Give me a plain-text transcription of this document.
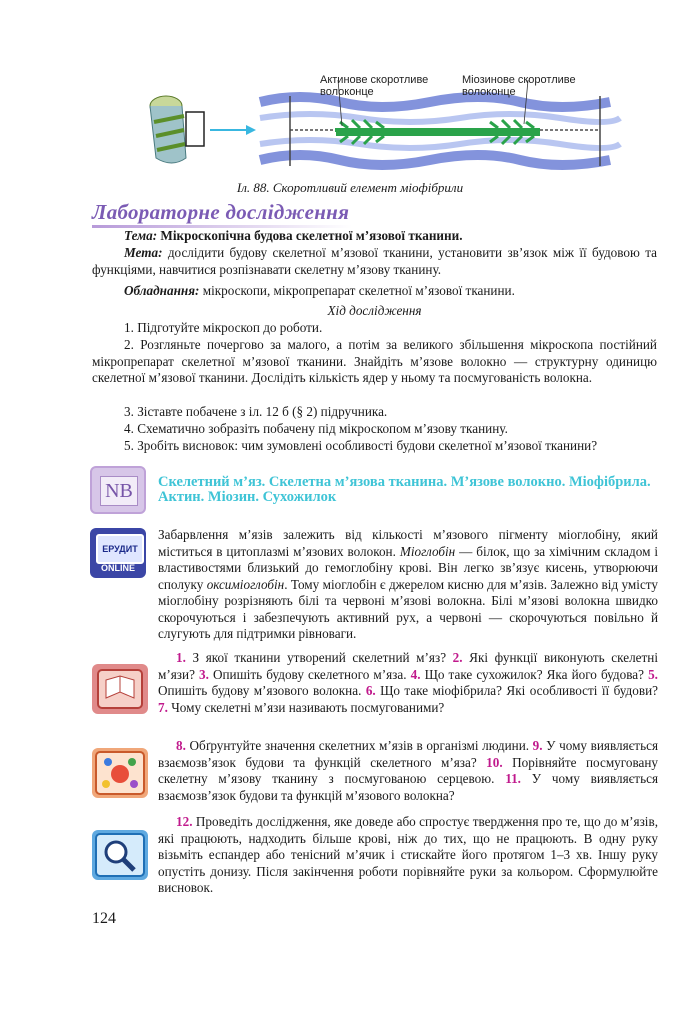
Актинове скоротливе
волоконце
Міозинове скоротливе
волоконце
Іл. 88. Скоротливий елемент міофібрили
Лабораторне дослідження
Тема: Мікроскопічна будова скелетної м’язової тканини.
Мета: дослідити будову скелетної м’язової тканини, установити зв’язок між її будовою та функціями, навчитися розпізнавати скелетну м’язову тканину.
Обладнання: мікроскопи, мікропрепарат скелетної м’язової тканини.
Хід дослідження
1. Підготуйте мікроскоп до роботи.
2. Розгляньте почергово за малого, а потім за великого збільшення мікроскопа постійний мікропрепарат скелетної м’язової тканини. Знайдіть м’язове волокно — структурну одиницю скелетної м’язової тканини. Дослідіть кількість ядер у ньому та посмугованість волокна.
3. Зіставте побачене з іл. 12 б (§ 2) підручника.
4. Схематично зобразіть побачену під мікроскопом м’язову тканину.
5. Зробіть висновок: чим зумовлені особливості будови скелетної м’язової тканини?
NB	Скелетний м’яз. Скелетна м’язова тканина. М’язове волокно. Міофібрила. Актин. Міозин. Сухожилок
ЕРУДИТ
ONLINE
Забарвлення м’язів залежить від кількості м’язового пігменту міоглобіну, який міститься в цитоплазмі м’язових волокон. Міоглобін — білок, що за хімічним складом і властивостями близький до гемоглобіну крові. Він легко зв’язує кисень, утворюючи сполуку оксиміоглобін. Тому міоглобін є джерелом кисню для м’язів. Залежно від умісту міоглобіну розрізняють білі та червоні м’язові волокна. Білі м’язові волокна швидко скорочуються і забезпечують активний рух, а червоні — скорочуються повільно й слугують для підтримки рівноваги.
1. З якої тканини утворений скелетний м’яз? 2. Які функції виконують скелетні м’язи? 3. Опишіть будову скелетного м’яза. 4. Що таке сухожилок? Яка його будова? 5. Опишіть будову м’язового волокна. 6. Що таке міофібрила? Які особливості її будови? 7. Чому скелетні м’язи називають посмугованими?
8. Обґрунтуйте значення скелетних м’язів в організмі людини. 9. У чому виявляється взаємозв’язок будови та функцій скелетного м’яза? 10. Порівняйте посмуговану скелетну м’язову тканину з посмугованою серцевою. 11. У чому виявляється взаємозв’язок будови та функцій м’язового волокна?
12. Проведіть дослідження, яке доведе або спростує твердження про те, що до м’язів, які працюють, надходить більше крові, ніж до тих, що не працюють. В одну руку візьміть еспандер або тенісний м’ячик і стискайте його протягом 1–3 хв. Іншу руку опустіть донизу. Після закінчення роботи порівняйте руки за кольором. Сформулюйте висновок.
124
